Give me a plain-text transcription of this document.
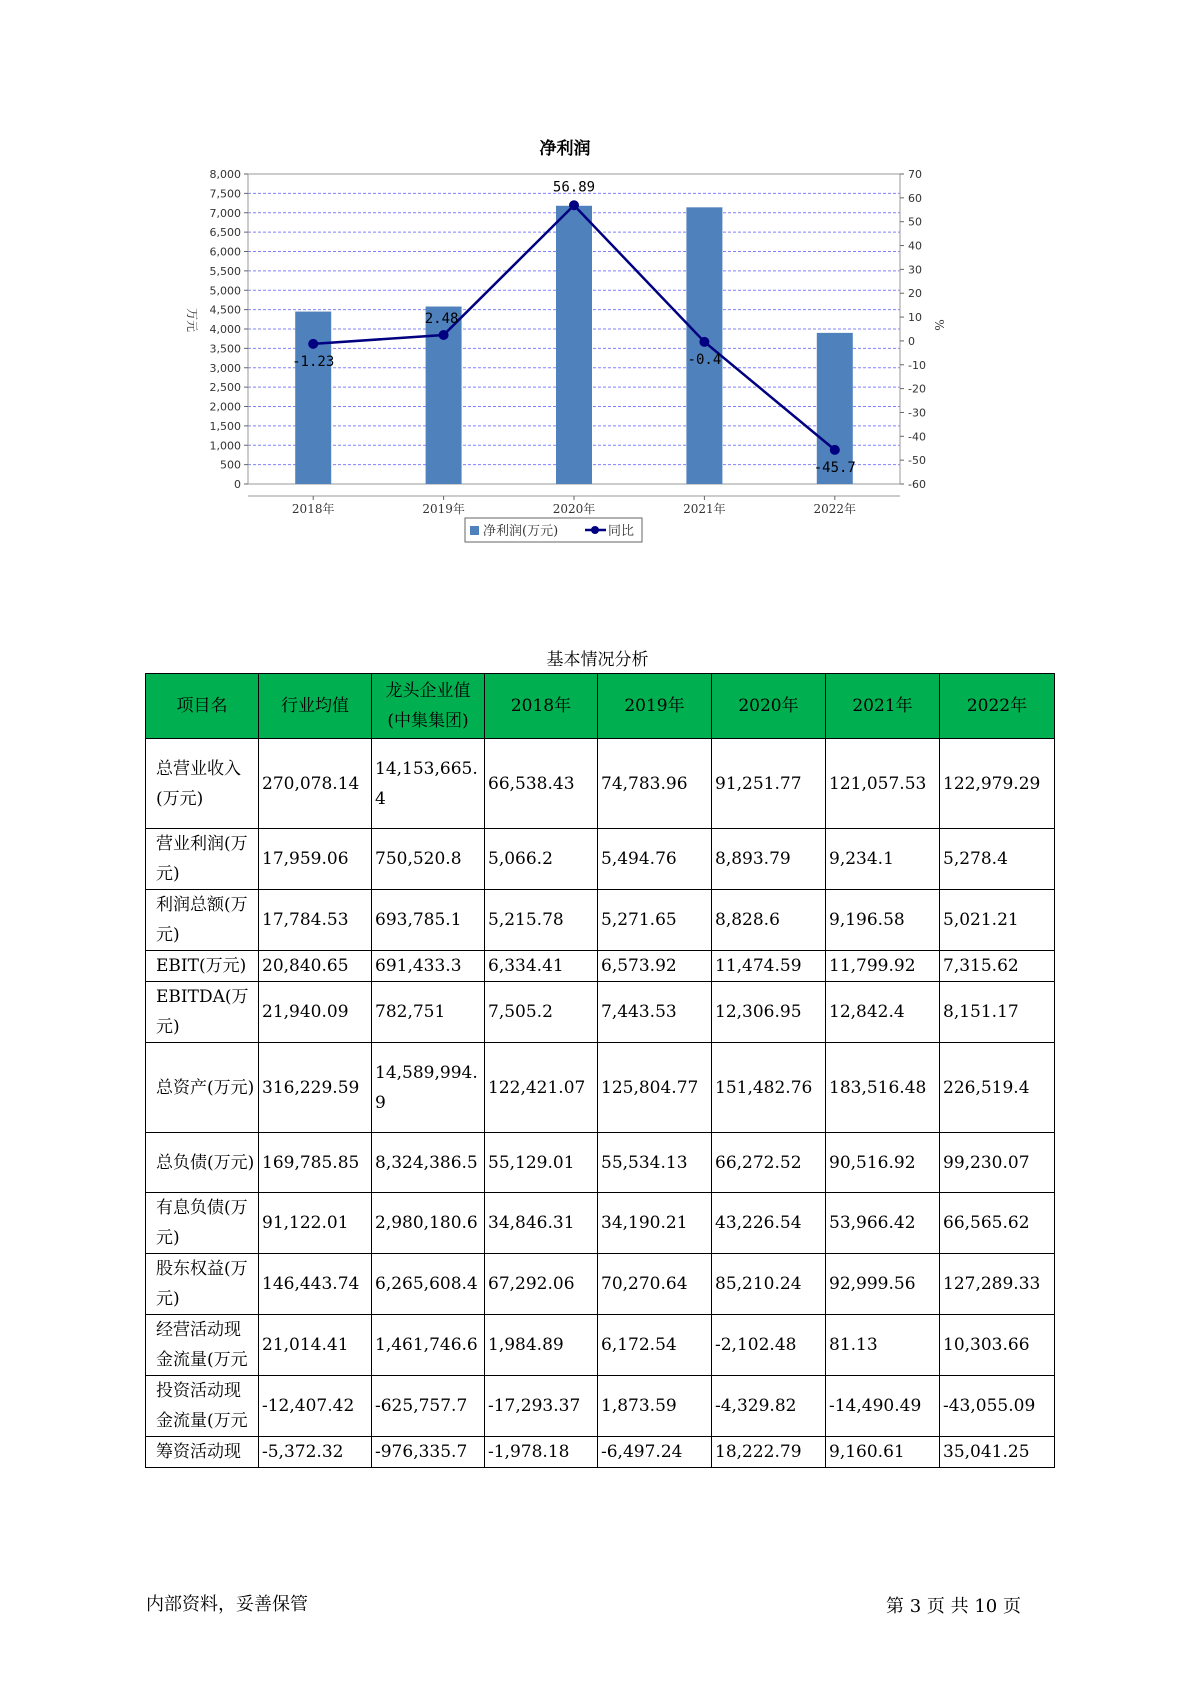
净利润
0
500
1,000
1,500
2,000
2,500
3,000
3,500
4,000
4,500
5,000
5,500
6,000
6,500
7,000
7,500
8,000
-60
-50
-40
-30
-20
-10
0
10
20
30
40
50
60
70
万元	%
2018年	2019年	2020年	2021年	2022年
-1.23
2.48
56.89
-0.4
-45.7
净利润(万元)	同比
基本情况分析
项目名	行业均值	龙头企业值(中集集团)	2018年	2019年	2020年	2021年	2022年
总营业收入(万元)	270,078.14	14,153,665.4	66,538.43	74,783.96	91,251.77	121,057.53	122,979.29
营业利润(万元)	17,959.06	750,520.8	5,066.2	5,494.76	8,893.79	9,234.1	5,278.4
利润总额(万元)	17,784.53	693,785.1	5,215.78	5,271.65	8,828.6	9,196.58	5,021.21
EBIT(万元)	20,840.65	691,433.3	6,334.41	6,573.92	11,474.59	11,799.92	7,315.62
EBITDA(万元)	21,940.09	782,751	7,505.2	7,443.53	12,306.95	12,842.4	8,151.17
总资产(万元)	316,229.59	14,589,994.9	122,421.07	125,804.77	151,482.76	183,516.48	226,519.4
总负债(万元)	169,785.85	8,324,386.5	55,129.01	55,534.13	66,272.52	90,516.92	99,230.07
有息负债(万元)	91,122.01	2,980,180.6	34,846.31	34,190.21	43,226.54	53,966.42	66,565.62
股东权益(万元)	146,443.74	6,265,608.4	67,292.06	70,270.64	85,210.24	92,999.56	127,289.33
经营活动现金流量(万元	21,014.41	1,461,746.6	1,984.89	6,172.54	-2,102.48	81.13	10,303.66
投资活动现金流量(万元	-12,407.42	-625,757.7	-17,293.37	1,873.59	-4,329.82	-14,490.49	-43,055.09
筹资活动现	-5,372.32	-976,335.7	-1,978.18	-6,497.24	18,222.79	9,160.61	35,041.25
内部资料，妥善保管	第 3 页 共 10 页
